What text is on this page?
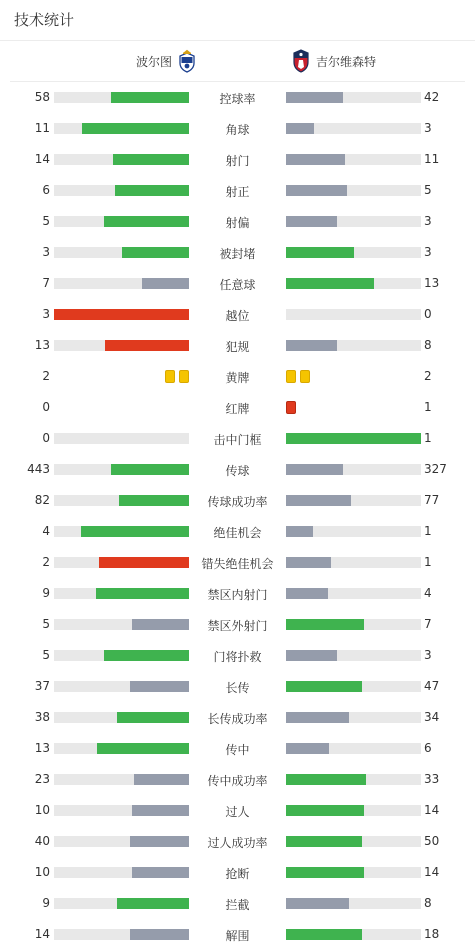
技术统计
波尔图	吉尔维森特
58	控球率	42
11	角球	3
14	射门	11
6	射正	5
5	射偏	3
3	被封堵	3
7	任意球	13
3	越位	0
13	犯规	8
2	黄牌	2
0	红牌	1
0	击中门框	1
443	传球	327
82	传球成功率	77
4	绝佳机会	1
2	错失绝佳机会	1
9	禁区内射门	4
5	禁区外射门	7
5	门将扑救	3
37	长传	47
38	长传成功率	34
13	传中	6
23	传中成功率	33
10	过人	14
40	过人成功率	50
10	抢断	14
9	拦截	8
14	解围	18
